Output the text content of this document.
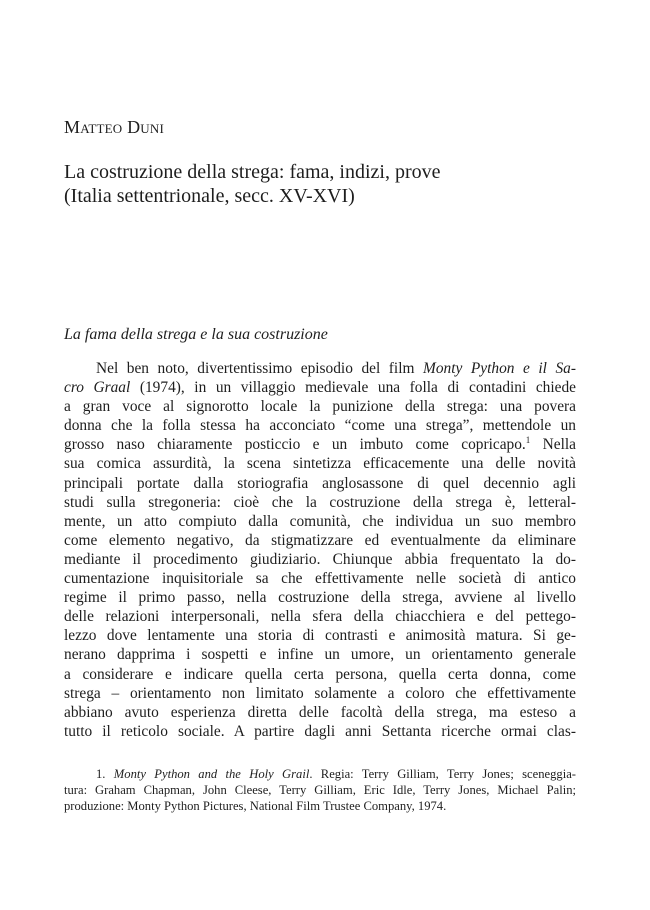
Matteo Duni
La costruzione della strega: fama, indizi, prove
(Italia settentrionale, secc. XV-XVI)
La fama della strega e la sua costruzione
Nel ben noto, divertentissimo episodio del film Monty Python e il Sa-
cro Graal (1974), in un villaggio medievale una folla di contadini chiede
a gran voce al signorotto locale la punizione della strega: una povera
donna che la folla stessa ha acconciato “come una strega”, mettendole un
grosso naso chiaramente posticcio e un imbuto come copricapo.$^1$ Nella
sua comica assurdità, la scena sintetizza efficacemente una delle novità
principali portate dalla storiografia anglosassone di quel decennio agli
studi sulla stregoneria: cioè che la costruzione della strega è, letteral-
mente, un atto compiuto dalla comunità, che individua un suo membro
come elemento negativo, da stigmatizzare ed eventualmente da eliminare
mediante il procedimento giudiziario. Chiunque abbia frequentato la do-
cumentazione inquisitoriale sa che effettivamente nelle società di antico
regime il primo passo, nella costruzione della strega, avviene al livello
delle relazioni interpersonali, nella sfera della chiacchiera e del pettego-
lezzo dove lentamente una storia di contrasti e animosità matura. Si ge-
nerano dapprima i sospetti e infine un umore, un orientamento generale
a considerare e indicare quella certa persona, quella certa donna, come
strega – orientamento non limitato solamente a coloro che effettivamente
abbiano avuto esperienza diretta delle facoltà della strega, ma esteso a
tutto il reticolo sociale. A partire dagli anni Settanta ricerche ormai clas-
1. Monty Python and the Holy Grail. Regia: Terry Gilliam, Terry Jones; sceneggia-
tura: Graham Chapman, John Cleese, Terry Gilliam, Eric Idle, Terry Jones, Michael Palin;
produzione: Monty Python Pictures, National Film Trustee Company, 1974.
